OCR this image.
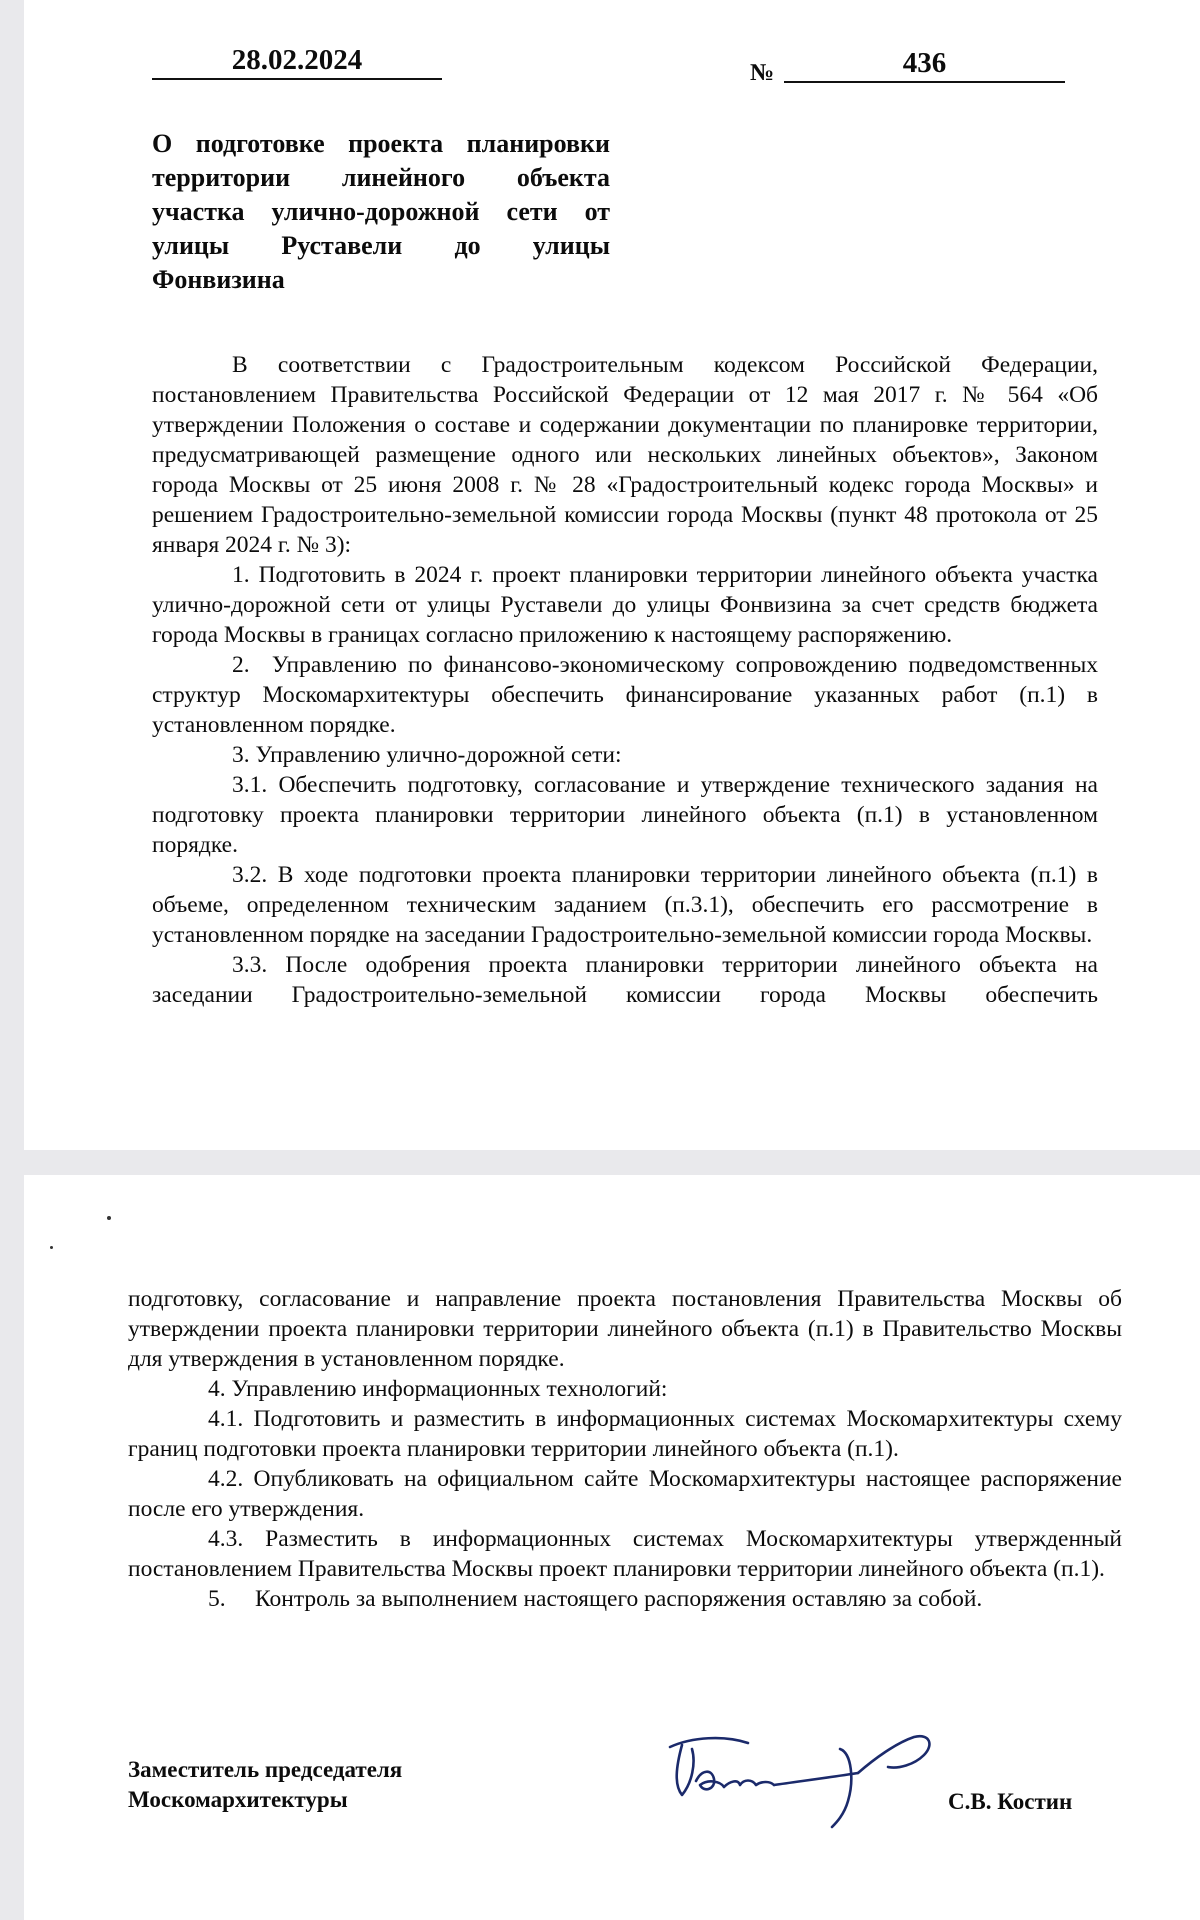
28.02.2024	№	436

О подготовке проекта планировки территории линейного объекта участка улично-дорожной сети от улицы Руставели до улицы Фонвизина

В соответствии с Градостроительным кодексом Российской Федерации, постановлением Правительства Российской Федерации от 12 мая 2017 г. № 564 «Об утверждении Положения о составе и содержании документации по планировке территории, предусматривающей размещение одного или нескольких линейных объектов», Законом города Москвы от 25 июня 2008 г. № 28 «Градостроительный кодекс города Москвы» и решением Градостроительно-земельной комиссии города Москвы (пункт 48 протокола от 25 января 2024 г. № 3):

1. Подготовить в 2024 г. проект планировки территории линейного объекта участка улично-дорожной сети от улицы Руставели до улицы Фонвизина за счет средств бюджета города Москвы в границах согласно приложению к настоящему распоряжению.

2.  Управлению по финансово-экономическому сопровождению подведомственных структур Москомархитектуры обеспечить финансирование указанных работ (п.1) в установленном порядке.

3. Управлению улично-дорожной сети:

3.1. Обеспечить подготовку, согласование и утверждение технического задания на подготовку проекта планировки территории линейного объекта (п.1) в установленном порядке.

3.2. В ходе подготовки проекта планировки территории линейного объекта (п.1) в объеме, определенном техническим заданием (п.3.1), обеспечить его рассмотрение в установленном порядке на заседании Градостроительно-земельной комиссии города Москвы.

3.3. После одобрения проекта планировки территории линейного объекта на заседании Градостроительно-земельной комиссии города Москвы обеспечить

подготовку, согласование и направление проекта постановления Правительства Москвы об утверждении проекта планировки территории линейного объекта (п.1) в Правительство Москвы для утверждения в установленном порядке.

4. Управлению информационных технологий:

4.1. Подготовить и разместить в информационных системах Москомархитектуры схему границ подготовки проекта планировки территории линейного объекта (п.1).

4.2. Опубликовать на официальном сайте Москомархитектуры настоящее распоряжение после его утверждения.

4.3. Разместить в информационных системах Москомархитектуры утвержденный постановлением Правительства Москвы проект планировки территории линейного объекта (п.1).

5.     Контроль за выполнением настоящего распоряжения оставляю за собой.

Заместитель председателя
Москомархитектуры	С.В. Костин
